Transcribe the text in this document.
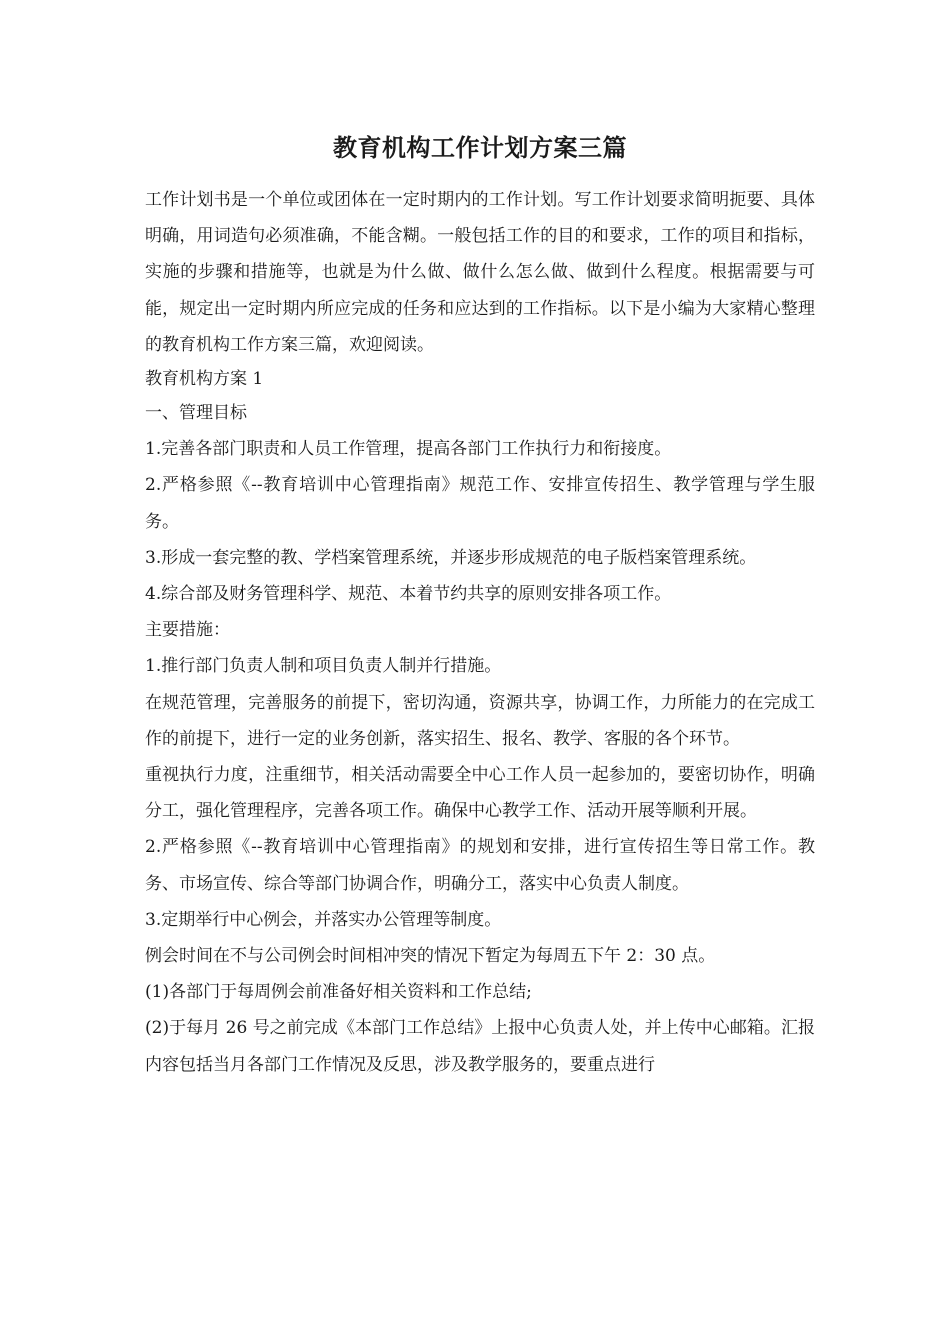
教育机构工作计划方案三篇

工作计划书是一个单位或团体在一定时期内的工作计划。写工作计划要求简明扼要、具体明确，用词造句必须准确，不能含糊。一般包括工作的目的和要求，工作的项目和指标，实施的步骤和措施等，也就是为什么做、做什么怎么做、做到什么程度。根据需要与可能，规定出一定时期内所应完成的任务和应达到的工作指标。以下是小编为大家精心整理的教育机构工作方案三篇，欢迎阅读。

教育机构方案 1

一、管理目标

1.完善各部门职责和人员工作管理，提高各部门工作执行力和衔接度。

2.严格参照《--教育培训中心管理指南》规范工作、安排宣传招生、教学管理与学生服务。

3.形成一套完整的教、学档案管理系统，并逐步形成规范的电子版档案管理系统。

4.综合部及财务管理科学、规范、本着节约共享的原则安排各项工作。

主要措施：

1.推行部门负责人制和项目负责人制并行措施。

在规范管理，完善服务的前提下，密切沟通，资源共享，协调工作，力所能力的在完成工作的前提下，进行一定的业务创新，落实招生、报名、教学、客服的各个环节。

重视执行力度，注重细节，相关活动需要全中心工作人员一起参加的，要密切协作，明确分工，强化管理程序，完善各项工作。确保中心教学工作、活动开展等顺利开展。

2.严格参照《--教育培训中心管理指南》的规划和安排，进行宣传招生等日常工作。教务、市场宣传、综合等部门协调合作，明确分工，落实中心负责人制度。

3.定期举行中心例会，并落实办公管理等制度。

例会时间在不与公司例会时间相冲突的情况下暂定为每周五下午 2：30 点。

(1)各部门于每周例会前准备好相关资料和工作总结;

(2)于每月 26 号之前完成《本部门工作总结》上报中心负责人处，并上传中心邮箱。汇报内容包括当月各部门工作情况及反思，涉及教学服务的，要重点进行
